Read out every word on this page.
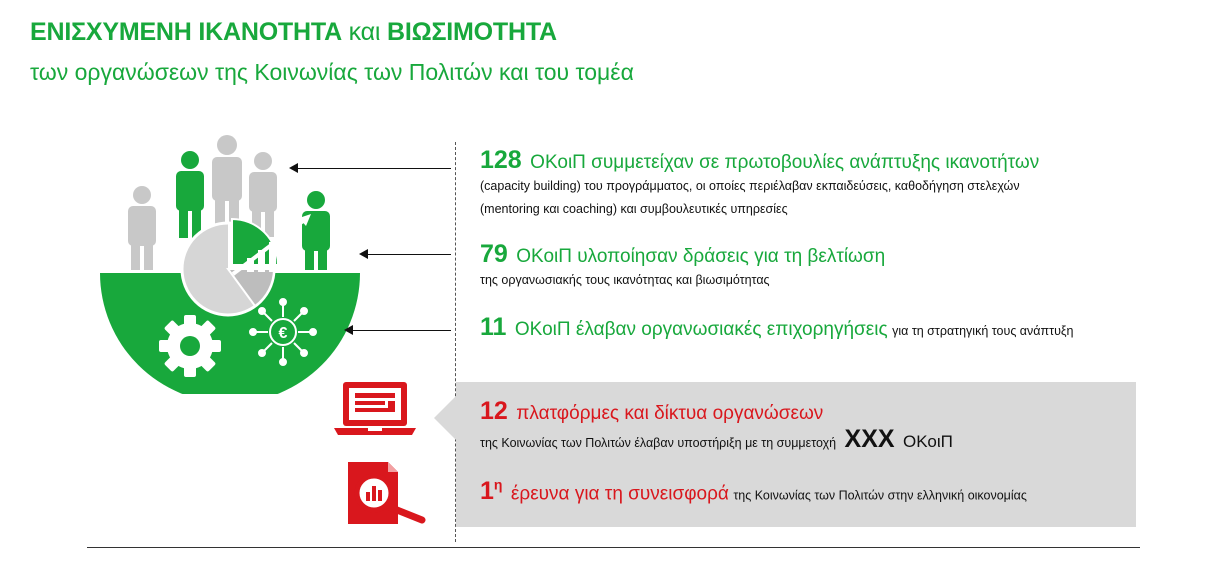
ΕΝΙΣΧΥΜΕΝΗ ΙΚΑΝΟΤΗΤΑ και ΒΙΩΣΙΜΟΤΗΤΑ
των οργανώσεων της Κοινωνίας των Πολιτών και του τομέα
€
128 ΟΚοιΠ συμμετείχαν σε πρωτοβουλίες ανάπτυξης ικανοτήτων
(capacity building) του προγράμματος, οι οποίες περιέλαβαν εκπαιδεύσεις, καθοδήγηση στελεχών
(mentoring και coaching) και συμβουλευτικές υπηρεσίες
79 ΟΚοιΠ υλοποίησαν δράσεις για τη βελτίωση
της οργανωσιακής τους ικανότητας και βιωσιμότητας
11 ΟΚοιΠ έλαβαν οργανωσιακές επιχορηγήσεις για τη στρατηγική τους ανάπτυξη
12 πλατφόρμες και δίκτυα οργανώσεων
της Κοινωνίας των Πολιτών έλαβαν υποστήριξη με τη συμμετοχή XXX ΟΚοιΠ
$1^\eta$ έρευνα για τη συνεισφορά της Κοινωνίας των Πολιτών στην ελληνική οικονομίας
